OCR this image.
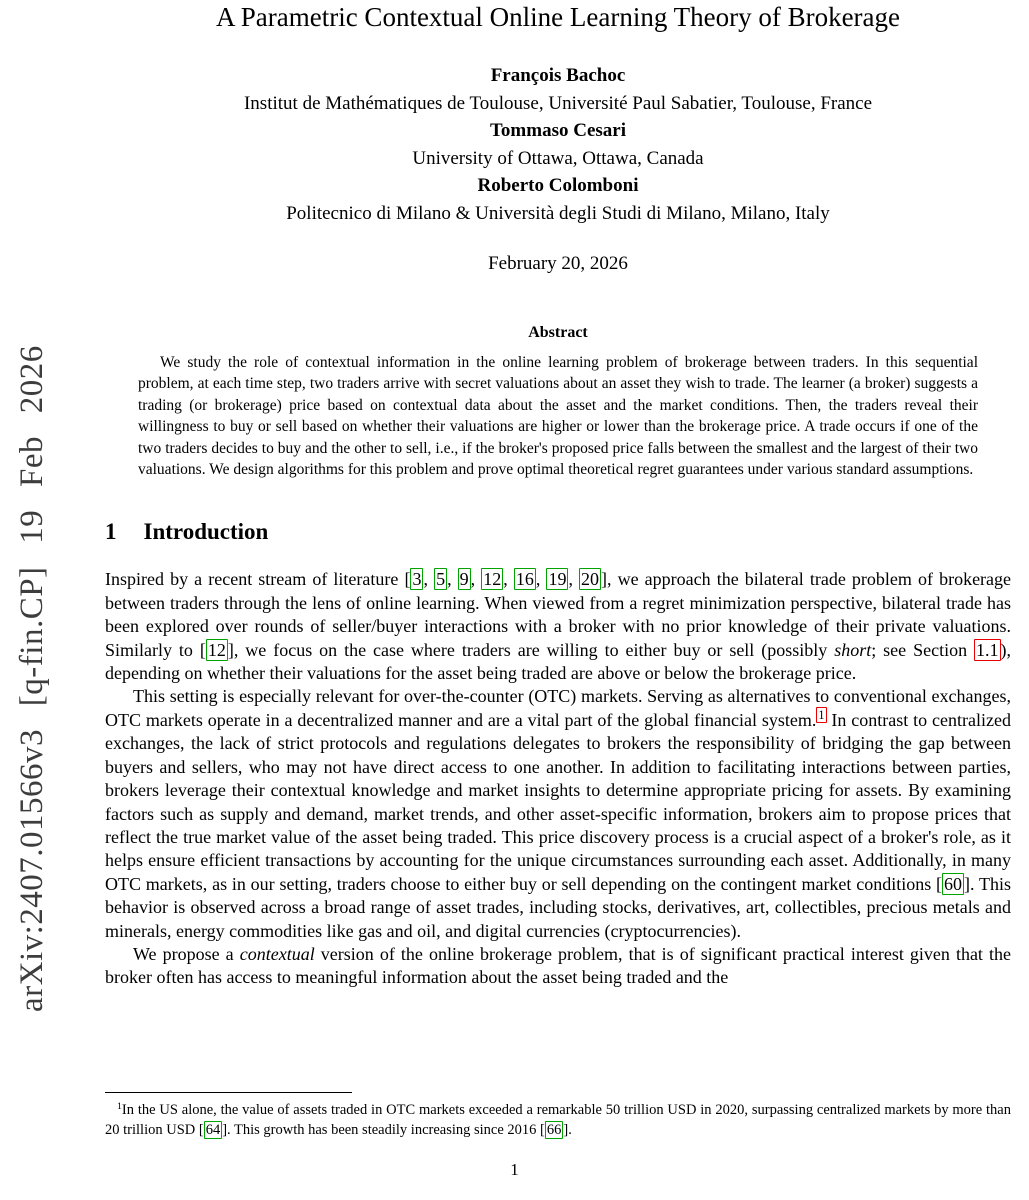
arXiv:2407.01566v3 [q-fin.CP] 19 Feb 2026
A Parametric Contextual Online Learning Theory of Brokerage
François Bachoc
Institut de Mathématiques de Toulouse, Université Paul Sabatier, Toulouse, France
Tommaso Cesari
University of Ottawa, Ottawa, Canada
Roberto Colomboni
Politecnico di Milano & Università degli Studi di Milano, Milano, Italy
February 20, 2026
Abstract
We study the role of contextual information in the online learning problem of brokerage between traders. In this sequential problem, at each time step, two traders arrive with secret valuations about an asset they wish to trade. The learner (a broker) suggests a trading (or brokerage) price based on contextual data about the asset and the market conditions. Then, the traders reveal their willingness to buy or sell based on whether their valuations are higher or lower than the brokerage price. A trade occurs if one of the two traders decides to buy and the other to sell, i.e., if the broker's proposed price falls between the smallest and the largest of their two valuations. We design algorithms for this problem and prove optimal theoretical regret guarantees under various standard assumptions.
1 Introduction

Inspired by a recent stream of literature [ 3 , 5 , 9 , 12 , 16 , 19 , 20 ], we approach the bilateral trade problem of brokerage between traders through the lens of online learning. When viewed from a regret minimization perspective, bilateral trade has been explored over rounds of seller/buyer interactions with a broker with no prior knowledge of their private valuations. Similarly to [ 12 ], we focus on the case where traders are willing to either buy or sell (possibly short; see Section 1.1 ), depending on whether their valuations for the asset being traded are above or below the brokerage price.

This setting is especially relevant for over-the-counter (OTC) markets. Serving as alternatives to conventional exchanges, OTC markets operate in a decentralized manner and are a vital part of the global financial system. $^1$ In contrast to centralized exchanges, the lack of strict protocols and regulations delegates to brokers the responsibility of bridging the gap between buyers and sellers, who may not have direct access to one another. In addition to facilitating interactions between parties, brokers leverage their contextual knowledge and market insights to determine appropriate pricing for assets. By examining factors such as supply and demand, market trends, and other asset-specific information, brokers aim to propose prices that reflect the true market value of the asset being traded. This price discovery process is a crucial aspect of a broker's role, as it helps ensure efficient transactions by accounting for the unique circumstances surrounding each asset. Additionally, in many OTC markets, as in our setting, traders choose to either buy or sell depending on the contingent market conditions [ 60 ]. This behavior is observed across a broad range of asset trades, including stocks, derivatives, art, collectibles, precious metals and minerals, energy commodities like gas and oil, and digital currencies (cryptocurrencies).

We propose a contextual version of the online brokerage problem, that is of significant practical interest given that the broker often has access to meaningful information about the asset being traded and the

$^1$In the US alone, the value of assets traded in OTC markets exceeded a remarkable 50 trillion USD in 2020, surpassing centralized markets by more than 20 trillion USD [ 64 ]. This growth has been steadily increasing since 2016 [ 66 ].
1
